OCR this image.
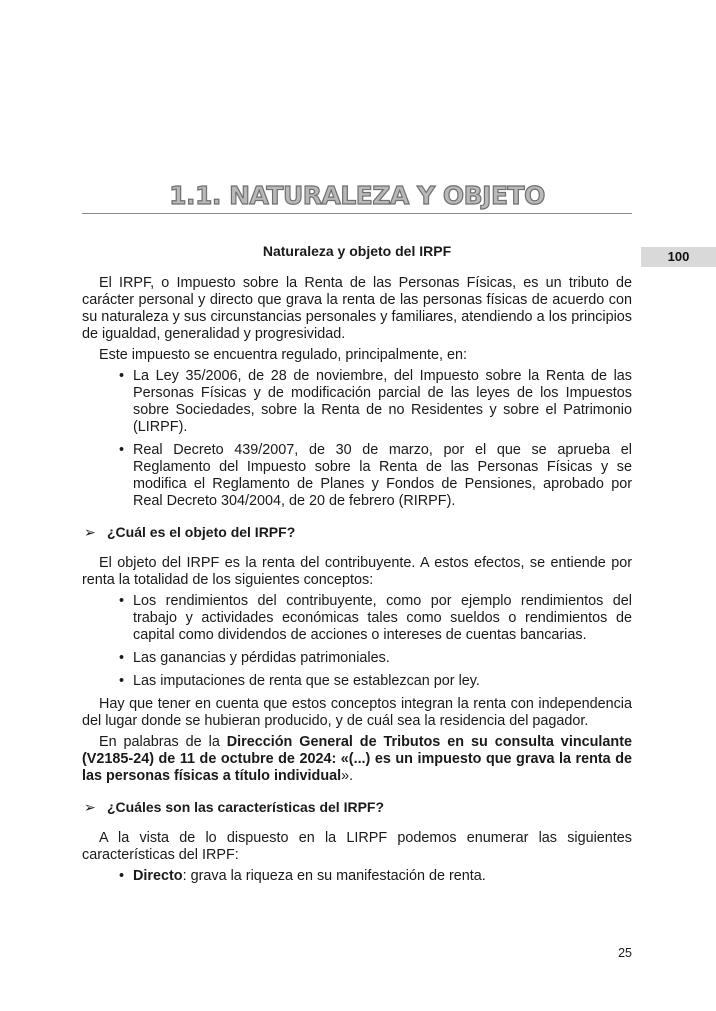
1.1. NATURALEZA Y OBJETO
100
Naturaleza y objeto del IRPF

El IRPF, o Impuesto sobre la Renta de las Personas Físicas, es un tributo de carácter personal y directo que grava la renta de las personas físicas de acuerdo con su naturaleza y sus circunstancias personales y familiares, atendiendo a los principios de igualdad, generalidad y progresividad.

Este impuesto se encuentra regulado, principalmente, en:

• La Ley 35/2006, de 28 de noviembre, del Impuesto sobre la Renta de las Personas Físicas y de modificación parcial de las leyes de los Impuestos sobre Sociedades, sobre la Renta de no Residentes y sobre el Patrimonio (LIRPF).
• Real Decreto 439/2007, de 30 de marzo, por el que se aprueba el Reglamento del Impuesto sobre la Renta de las Personas Físicas y se modifica el Reglamento de Planes y Fondos de Pensiones, aprobado por Real Decreto 304/2004, de 20 de febrero (RIRPF).
➢ ¿Cuál es el objeto del IRPF?

El objeto del IRPF es la renta del contribuyente. A estos efectos, se entiende por renta la totalidad de los siguientes conceptos:

• Los rendimientos del contribuyente, como por ejemplo rendimientos del trabajo y actividades económicas tales como sueldos o rendimientos de capital como dividendos de acciones o intereses de cuentas bancarias.
• Las ganancias y pérdidas patrimoniales.
• Las imputaciones de renta que se establezcan por ley.

Hay que tener en cuenta que estos conceptos integran la renta con independencia del lugar donde se hubieran producido, y de cuál sea la residencia del pagador.

En palabras de la Dirección General de Tributos en su consulta vinculante (V2185-24) de 11 de octubre de 2024: «(...) es un impuesto que grava la renta de las personas físicas a título individual».

➢ ¿Cuáles son las características del IRPF?

A la vista de lo dispuesto en la LIRPF podemos enumerar las siguientes características del IRPF:

• Directo: grava la riqueza en su manifestación de renta.
25
